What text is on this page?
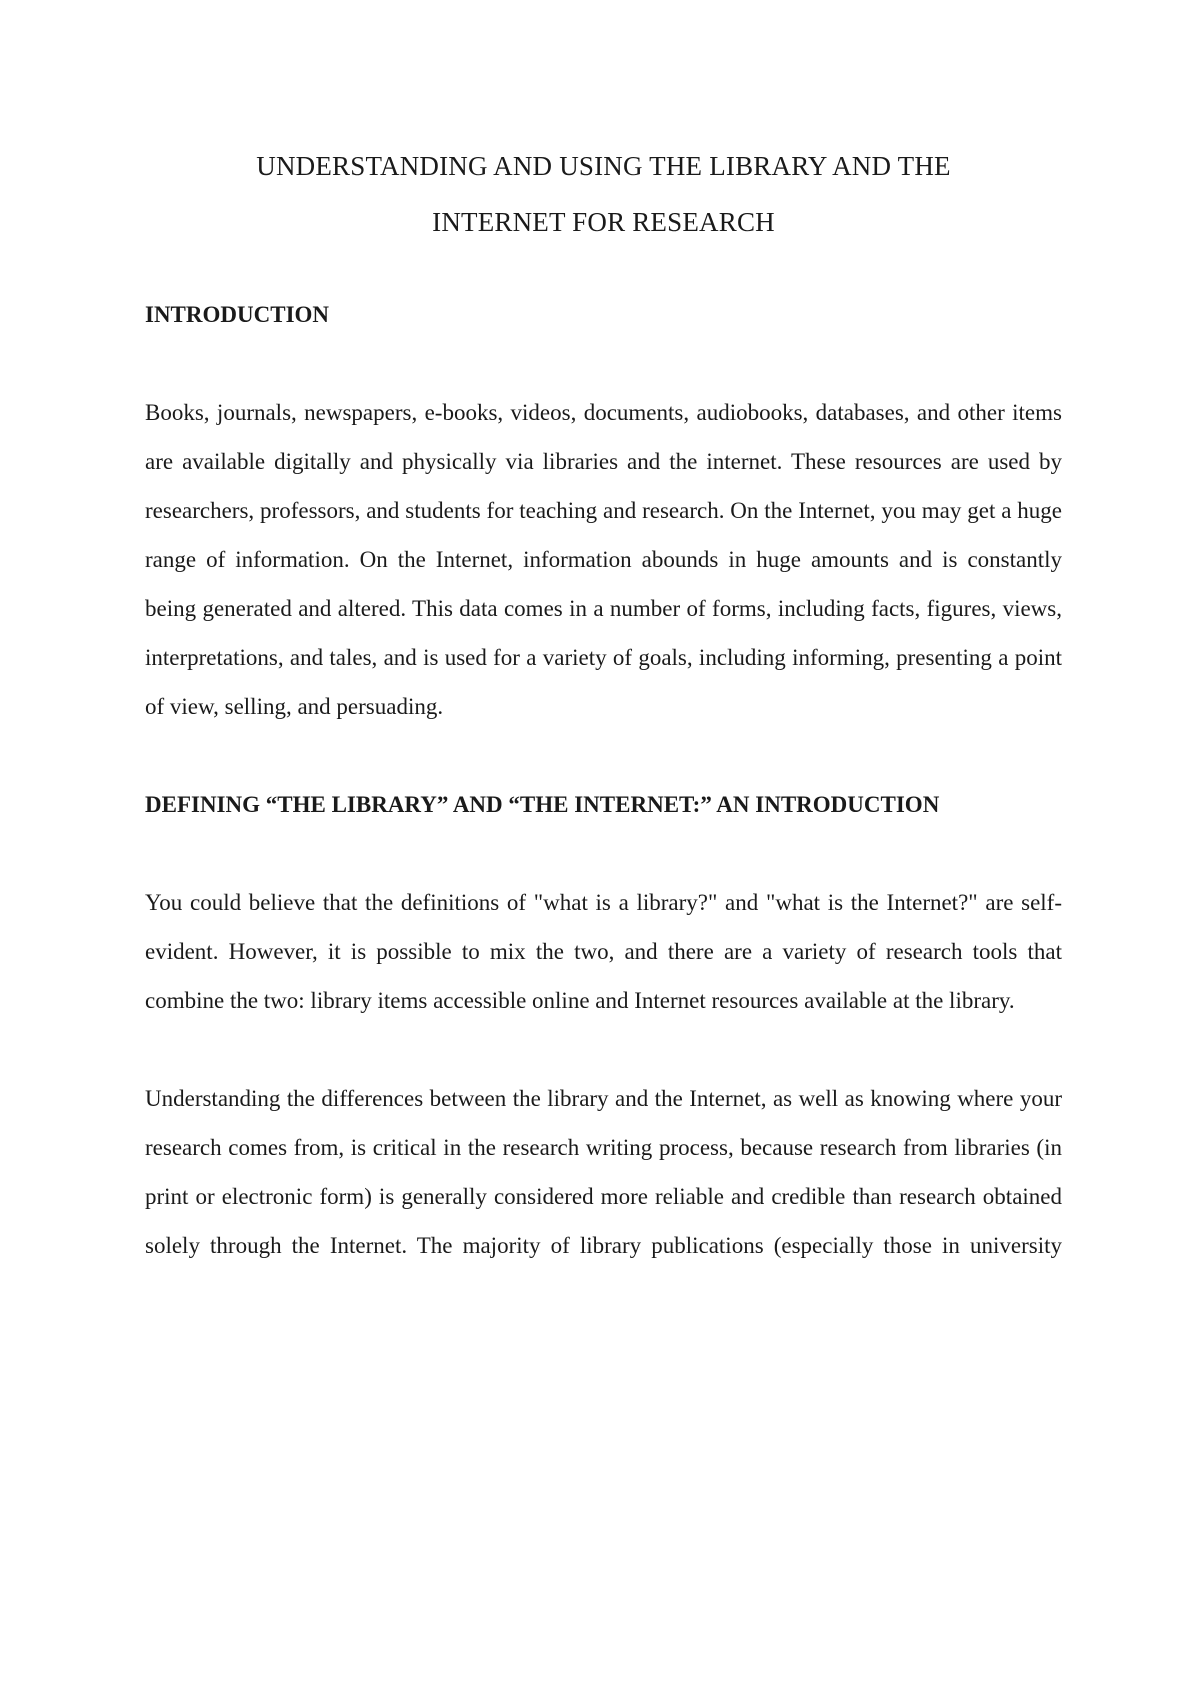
UNDERSTANDING AND USING THE LIBRARY AND THE
INTERNET FOR RESEARCH
INTRODUCTION

Books, journals, newspapers, e-books, videos, documents, audiobooks, databases, and other items are available digitally and physically via libraries and the internet. These resources are used by researchers, professors, and students for teaching and research. On the Internet, you may get a huge range of information. On the Internet, information abounds in huge amounts and is constantly being generated and altered. This data comes in a number of forms, including facts, figures, views, interpretations, and tales, and is used for a variety of goals, including informing, presenting a point of view, selling, and persuading.

DEFINING “THE LIBRARY” AND “THE INTERNET:” AN INTRODUCTION

You could believe that the definitions of "what is a library?" and "what is the Internet?" are self-evident. However, it is possible to mix the two, and there are a variety of research tools that combine the two: library items accessible online and Internet resources available at the library.

Understanding the differences between the library and the Internet, as well as knowing where your research comes from, is critical in the research writing process, because research from libraries (in print or electronic form) is generally considered more reliable and credible than research obtained solely through the Internet. The majority of library publications (especially those in university
